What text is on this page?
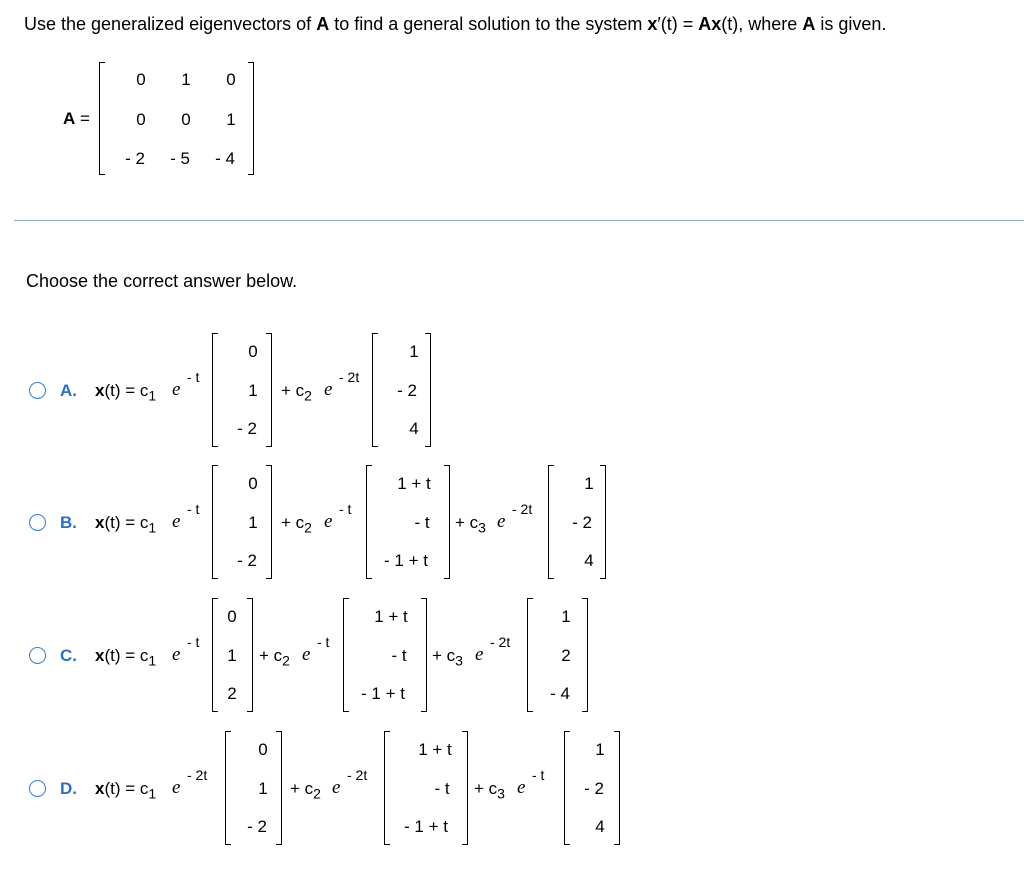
Use the generalized eigenvectors of A to find a general solution to the system x′(t) = Ax(t), where A is given.
A =
0 1 0
0 0 1
- 2 - 5 - 4
Choose the correct answer below.
A. $x(t) = c_1$ e
- t
0
1
- 2
+ $c_2$ e
- 2t
1
- 2
4
B. $x(t) = c_1$ e
- t
0
1
- 2
+ $c_2$ e
- t
1 + t
- t
- 1 + t
+ $c_3$ e
- 2t
1
- 2
4
C. $x(t) = c_1$ e
- t
0
1
2
+ $c_2$ e
- t
1 + t
- t
- 1 + t
+ $c_3$ e
- 2t
1
2
- 4
D. $x(t) = c_1$ e
- 2t
0
1
- 2
+ $c_2$ e
- 2t
1 + t
- t
- 1 + t
+ $c_3$ e
- t
1
- 2
4
